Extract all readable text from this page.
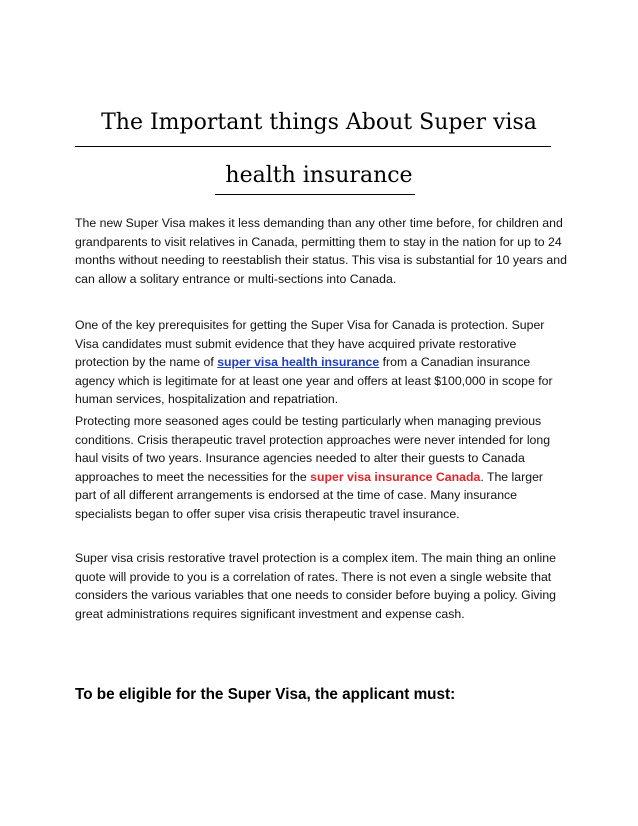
The Important things About Super visa
health insurance

The new Super Visa makes it less demanding than any other time before, for children and grandparents to visit relatives in Canada, permitting them to stay in the nation for up to 24 months without needing to reestablish their status. This visa is substantial for 10 years and can allow a solitary entrance or multi-sections into Canada.

One of the key prerequisites for getting the Super Visa for Canada is protection. Super Visa candidates must submit evidence that they have acquired private restorative protection by the name of super visa health insurance from a Canadian insurance agency which is legitimate for at least one year and offers at least $100,000 in scope for human services, hospitalization and repatriation.

Protecting more seasoned ages could be testing particularly when managing previous conditions. Crisis therapeutic travel protection approaches were never intended for long haul visits of two years. Insurance agencies needed to alter their guests to Canada approaches to meet the necessities for the super visa insurance Canada. The larger part of all different arrangements is endorsed at the time of case. Many insurance specialists began to offer super visa crisis therapeutic travel insurance.

Super visa crisis restorative travel protection is a complex item. The main thing an online quote will provide to you is a correlation of rates. There is not even a single website that considers the various variables that one needs to consider before buying a policy. Giving great administrations requires significant investment and expense cash.

To be eligible for the Super Visa, the applicant must:
